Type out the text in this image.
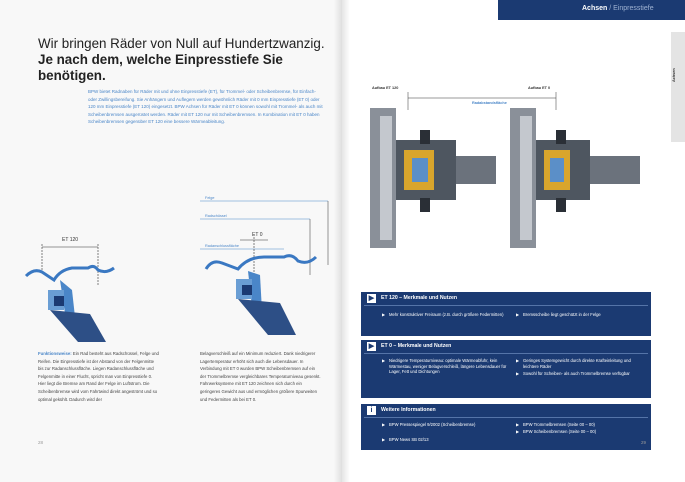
Wir bringen Räder von Null auf Hundertzwanzig.
Je nach dem, welche Einpresstiefe Sie benötigen.
BPW bietet Radnaben für Räder mit und ohne Einpresstiefe (ET), für Trommel- oder Scheibenbremse, für Einfach- oder Zwillingsbereifung. Sie Anhängern und Auflegern werden gewöhnlich Räder mit 0 mm Einpresstiefe (ET 0) oder 120 mm Einpresstiefe (ET 120) eingesetzt. BPW Achsen für Räder mit ET 0 können sowohl mit Trommel- als auch mit Scheibenbremsen ausgerüstet werden. Räder mit ET 120 nur mit Scheibenbremsen. In Kombination mit ET 0 haben Scheibenbremsen gegenüber ET 120 eine bessere Wärmeableitung.
ET 120
Felge
Radschüssel
Radanschlussfläche
ET 0
Funktionsweise: Ein Rad besteht aus Radschüssel, Felge und Reifen. Die Einpresstiefe ist der Abstand von der Felgenmitte bis zur Radanschlussfläche. Liegen Radanschlussfläche und Felgenmitte in einer Flucht, spricht man von Einpresstiefe 0. Hier liegt die Bremse am Rand der Felge im Luftstrom. Die Scheibenbremse wird vom Fahrtwind direkt angeströmt und so optimal gekühlt. Dadurch wird der
Belagverschleiß auf ein Minimum reduziert. Dank niedrigerer Lagertemperatur erhöht sich auch die Lebensdauer. In Verbindung mit ET 0 wurden BPW Scheibenbremsen auf ein der Trommelbremse vergleichbares Temperaturniveau gesenkt. Fahrwerksysteme mit ET 120 zeichnen sich durch ein geringeres Gewicht aus und ermöglichen größere Spurweiten und Federmitten als bei ET 0.
28
Achsen / Einpresstiefe
Achsen
Aufbau ET 120	Aufbau ET 0
Radabstandsfläche
▶	ET 120 – Merkmale und Nutzen
▶ Mehr konstruktiver Freiraum (z.B. durch größere Federmitten)	▶ Bremsscheibe liegt geschützt in der Felge
▶	ET 0 – Merkmale und Nutzen
▶ Niedrigere Temperaturniveau: optimale Wärmeabfuhr, kein Wärmestau, weniger Belagverschleiß, längere Lebensdauer für Lager, Fett und Dichtungen
▶ Geringes Systemgewicht durch direkte Krafteinleitung und leichtere Räder
▶ Sowohl für Scheiben- als auch Trommelbremse verfügbar
i	Weitere Informationen
▶ BPW Pressespiegel 9/2002 (Scheibenbremse)
▶ BPW News SB 02/13
▶ BPW Trommelbremsen (Seite 00 – 00)
▶ BPW Scheibenbremsen (Seite 00 – 00)
29
